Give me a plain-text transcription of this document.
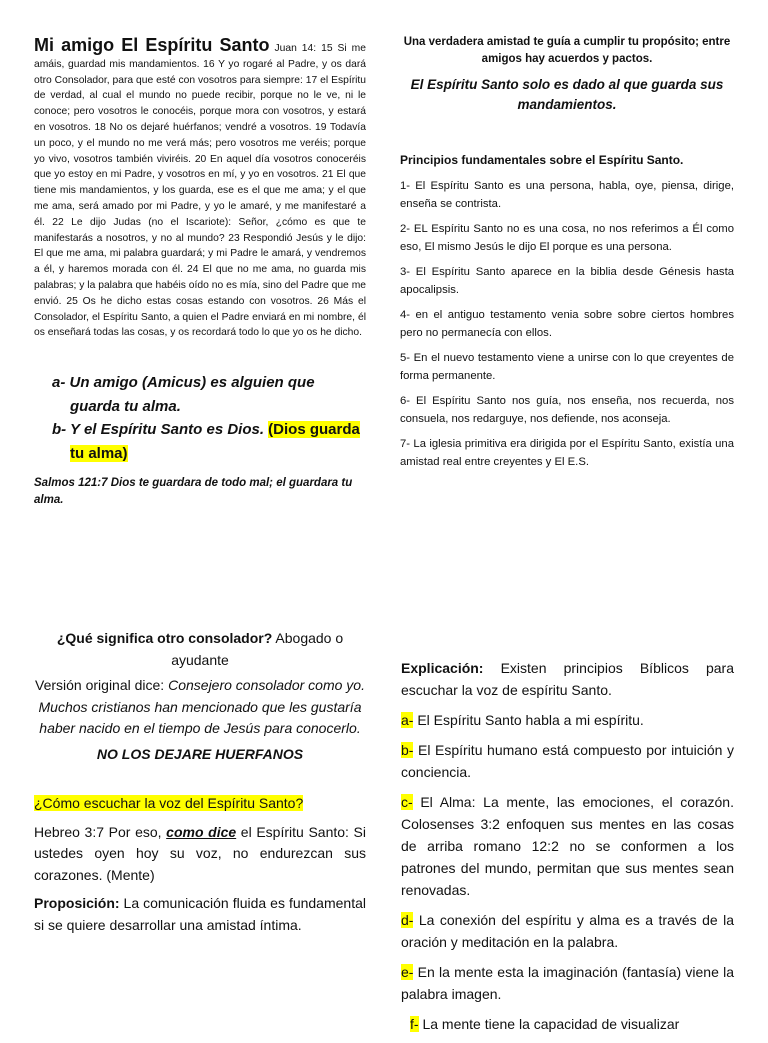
Mi amigo El Espíritu Santo Juan 14: 15 Si me amáis, guardad mis mandamientos. 16 Y yo rogaré al Padre, y os dará otro Consolador, para que esté con vosotros para siempre: 17 el Espíritu de verdad, al cual el mundo no puede recibir, porque no le ve, ni le conoce; pero vosotros le conocéis, porque mora con vosotros, y estará en vosotros. 18 No os dejaré huérfanos; vendré a vosotros. 19 Todavía un poco, y el mundo no me verá más; pero vosotros me veréis; porque yo vivo, vosotros también viviréis. 20 En aquel día vosotros conoceréis que yo estoy en mi Padre, y vosotros en mí, y yo en vosotros. 21 El que tiene mis mandamientos, y los guarda, ese es el que me ama; y el que me ama, será amado por mi Padre, y yo le amaré, y me manifestaré a él. 22 Le dijo Judas (no el Iscariote): Señor, ¿cómo es que te manifestarás a nosotros, y no al mundo? 23 Respondió Jesús y le dijo: El que me ama, mi palabra guardará; y mi Padre le amará, y vendremos a él, y haremos morada con él. 24 El que no me ama, no guarda mis palabras; y la palabra que habéis oído no es mía, sino del Padre que me envió. 25 Os he dicho estas cosas estando con vosotros. 26 Más el Consolador, el Espíritu Santo, a quien el Padre enviará en mi nombre, él os enseñará todas las cosas, y os recordará todo lo que yo os he dicho.

a- Un amigo (Amicus) es alguien que guarda tu alma.
b- Y el Espíritu Santo es Dios. (Dios guarda tu alma)

Salmos 121:7 Dios te guardara de todo mal; el guardara tu alma.

Una verdadera amistad te guía a cumplir tu propósito; entre amigos hay acuerdos y pactos.

El Espíritu Santo solo es dado al que guarda sus mandamientos.

Principios fundamentales sobre el Espíritu Santo.

1- El Espíritu Santo es una persona, habla, oye, piensa, dirige, enseña se contrista.
2- EL Espíritu Santo no es una cosa, no nos referimos a Él como eso, El mismo Jesús le dijo El porque es una persona.
3- El Espíritu Santo aparece en la biblia desde Génesis hasta apocalipsis.
4- en el antiguo testamento venia sobre sobre ciertos hombres pero no permanecía con ellos.
5- En el nuevo testamento viene a unirse con lo que creyentes de forma permanente.
6- El Espíritu Santo nos guía, nos enseña, nos recuerda, nos consuela, nos redarguye, nos defiende, nos aconseja.
7- La iglesia primitiva era dirigida por el Espíritu Santo, existía una amistad real entre creyentes y El E.S.

¿Qué significa otro consolador? Abogado o ayudante

Versión original dice: Consejero consolador como yo. Muchos cristianos han mencionado que les gustaría haber nacido en el tiempo de Jesús para conocerlo.

NO LOS DEJARE HUERFANOS

¿Cómo escuchar la voz del Espíritu Santo?

Hebreo 3:7 Por eso, como dice el Espíritu Santo: Si ustedes oyen hoy su voz, no endurezcan sus corazones. (Mente)

Proposición: La comunicación fluida es fundamental si se quiere desarrollar una amistad íntima.

Explicación: Existen principios Bíblicos para escuchar la voz de espíritu Santo.

a- El Espíritu Santo habla a mi espíritu.

b- El Espíritu humano está compuesto por intuición y conciencia.

c- El Alma: La mente, las emociones, el corazón. Colosenses 3:2 enfoquen sus mentes en las cosas de arriba romano 12:2 no se conformen a los patrones del mundo, permitan que sus mentes sean renovadas.

d- La conexión del espíritu y alma es a través de la oración y meditación en la palabra.

e- En la mente esta la imaginación (fantasía) viene la palabra imagen.

f- La mente tiene la capacidad de visualizar
